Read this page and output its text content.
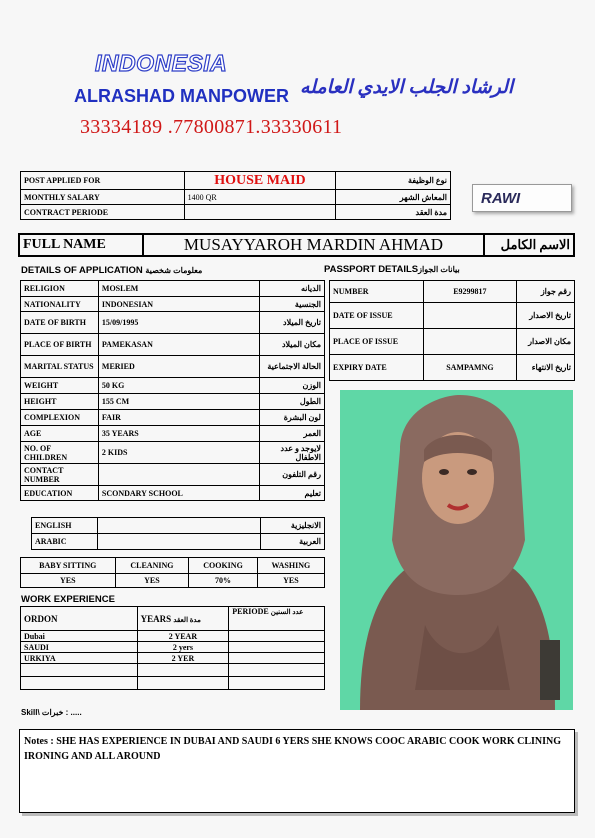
INDONESIA
ALRASHAD MANPOWER الرشاد الجلب الايدي العامله
33334189 .77800871.33330611
POST APPLIED FOR	HOUSE MAID	نوع الوظيفة
MONTHLY SALARY	1400 QR	المعاش الشهر
CONTRACT PERIODE		مدة العقد
RAWI
FULL NAME	MUSAYYAROH MARDIN AHMAD	الاسم الكامل
DETAILS OF APPLICATION معلومات شخصية	PASSPORT DETAILSبيانات الجواز
RELIGION	MOSLEM	الديانه
NATIONALITY	INDONESIAN	الجنسية
DATE OF BIRTH	15/09/1995	تاريخ الميلاد
PLACE OF BIRTH	PAMEKASAN	مكان الميلاد
MARITAL STATUS	MERIED	الحالة الاجتماعية
WEIGHT	50 KG	الوزن
HEIGHT	155 CM	الطول
COMPLEXION	FAIR	لون البشرة
AGE	35 YEARS	العمر
NO. OF CHILDREN	2 KIDS	لايوجد و عدد الاطفال
CONTACT NUMBER		رقم التلفون
EDUCATION	SCONDARY SCHOOL	تعليم
ENGLISH		الانجليزية
ARABIC		العربية
NUMBER	E9299817	رقم جواز
DATE OF ISSUE		تاريخ الاصدار
PLACE OF ISSUE		مكان الاصدار
EXPIRY DATE	SAMPAMNG	تاريخ الانتهاء
BABY SITTING	CLEANING	COOKING	WASHING
YES	YES	70%	YES
WORK EXPERIENCE
ORDON	YEARS مدة العقد	PERIODE عدد السنين
Dubai	2 YEAR	
SAUDI	2 yers	
URKIYA	2 YER	

Skill\ خبرات : .....
Notes : SHE HAS EXPERIENCE IN DUBAI AND SAUDI 6 YERS SHE KNOWS COOC ARABIC COOK WORK CLINING IRONING AND ALL AROUND
